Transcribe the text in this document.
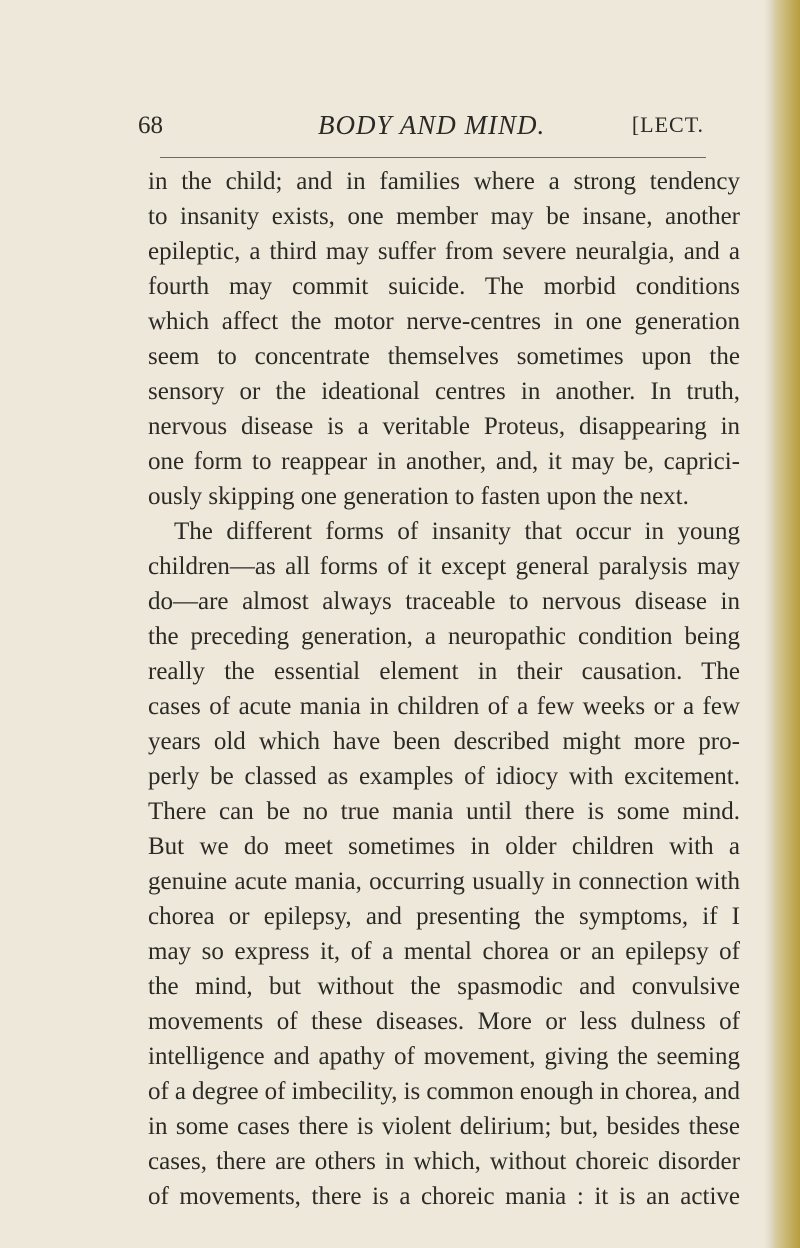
68	BODY AND MIND.	[LECT.
in the child; and in families where a strong tendency
to insanity exists, one member may be insane, another
epileptic, a third may suffer from severe neuralgia, and a
fourth may commit suicide. The morbid conditions
which affect the motor nerve-centres in one generation
seem to concentrate themselves sometimes upon the
sensory or the ideational centres in another. In truth,
nervous disease is a veritable Proteus, disappearing in
one form to reappear in another, and, it may be, caprici-
ously skipping one generation to fasten upon the next.
The different forms of insanity that occur in young
children—as all forms of it except general paralysis may
do—are almost always traceable to nervous disease in
the preceding generation, a neuropathic condition being
really the essential element in their causation. The
cases of acute mania in children of a few weeks or a few
years old which have been described might more pro-
perly be classed as examples of idiocy with excitement.
There can be no true mania until there is some mind.
But we do meet sometimes in older children with a
genuine acute mania, occurring usually in connection with
chorea or epilepsy, and presenting the symptoms, if I
may so express it, of a mental chorea or an epilepsy of
the mind, but without the spasmodic and convulsive
movements of these diseases. More or less dulness of
intelligence and apathy of movement, giving the seeming
of a degree of imbecility, is common enough in chorea, and
in some cases there is violent delirium; but, besides these
cases, there are others in which, without choreic disorder
of movements, there is a choreic mania : it is an active
